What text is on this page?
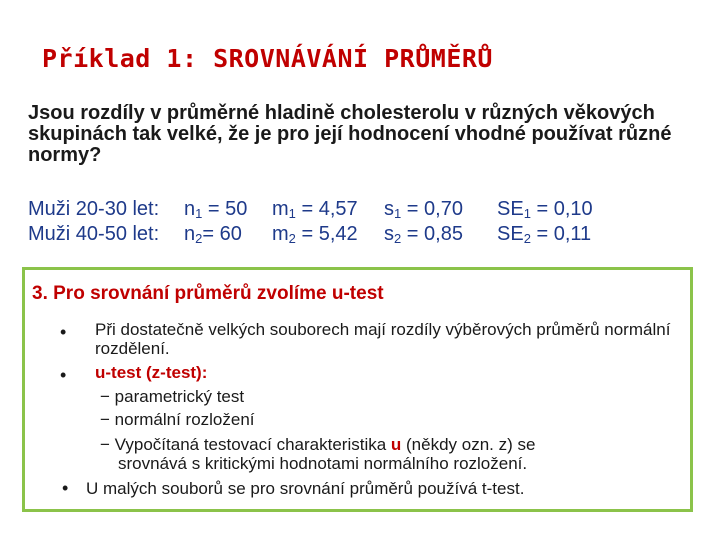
Příklad 1: SROVNÁVÁNÍ PRŮMĚRŮ
Jsou rozdíly v průměrné hladině cholesterolu v různých věkových skupinách tak velké, že je pro její hodnocení vhodné používat různé normy?
Muži 20-30 let:
Muži 40-50 let:
$n_1 = 50$
$n_2= 60$
$m_1 = 4,57$
$m_2 = 5,42$
$s_1 = 0,70$
$s_2 = 0,85$
$SE_1 = 0,10$
$SE_2 = 0,11$
3. Pro srovnání průměrů zvolíme u-test
• Při dostatečně velkých souborech mají rozdíly výběrových průměrů normální rozdělení.
• u-test (z-test):
− parametrický test
− normální rozložení
− Vypočítaná testovací charakteristika u (někdy ozn. z) se
srovnává s kritickými hodnotami normálního rozložení.
• U malých souborů se pro srovnání průměrů používá t-test.
